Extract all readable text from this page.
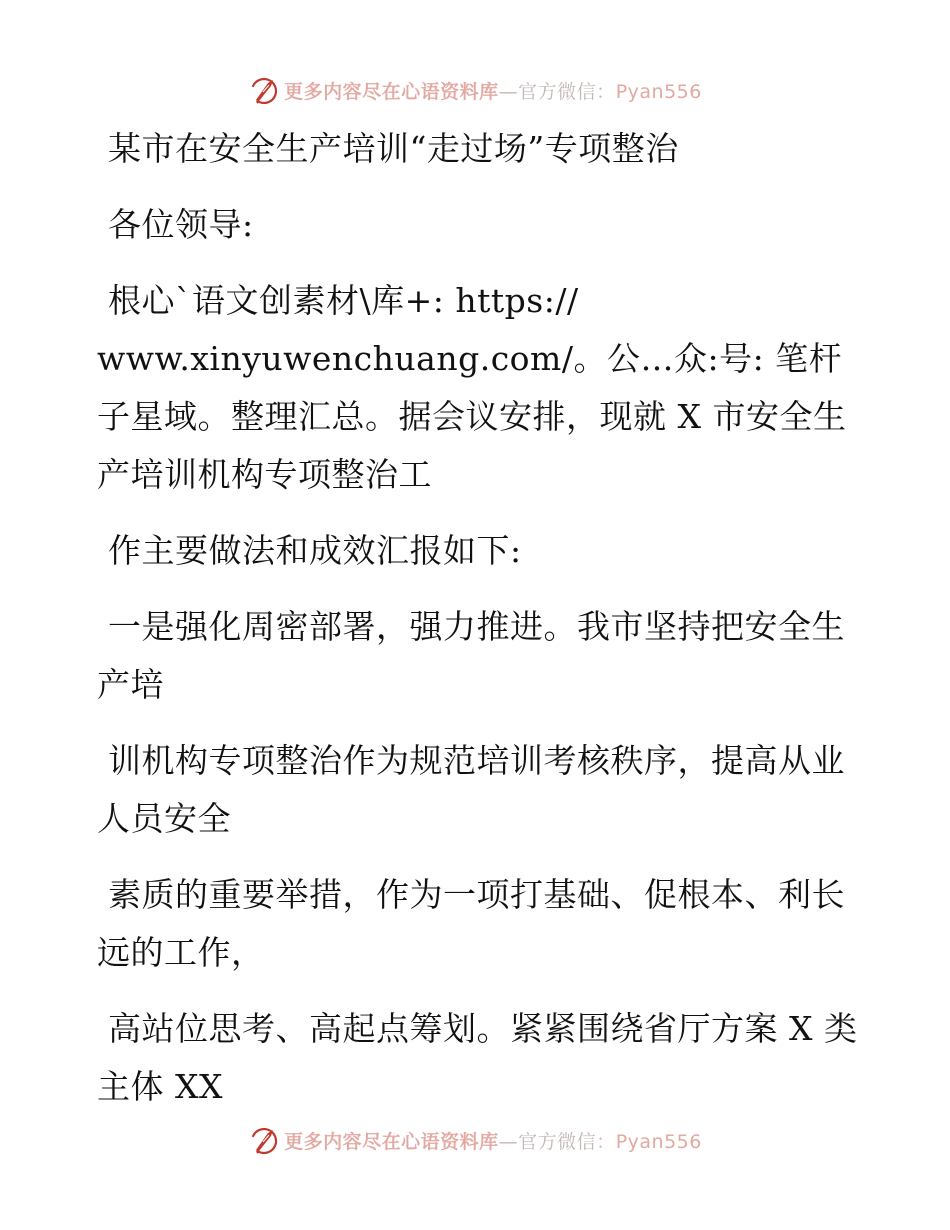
更多内容尽在心语资料库—官方微信：Pyan556

某市在安全生产培训“走过场”专项整治

各位领导:

根心`语文创素材\库+: https://
www.xinyuwenchuang.com/。公…众:号: 笔杆子星域。整理汇总。据会议安排，现就 X 市安全生产培训机构专项整治工

作主要做法和成效汇报如下:

一是强化周密部署，强力推进。我市坚持把安全生产培

训机构专项整治作为规范培训考核秩序，提高从业人员安全

素质的重要举措，作为一项打基础、促根本、利长远的工作，

高站位思考、高起点筹划。紧紧围绕省厅方案 X 类主体 XX

更多内容尽在心语资料库—官方微信：Pyan556
